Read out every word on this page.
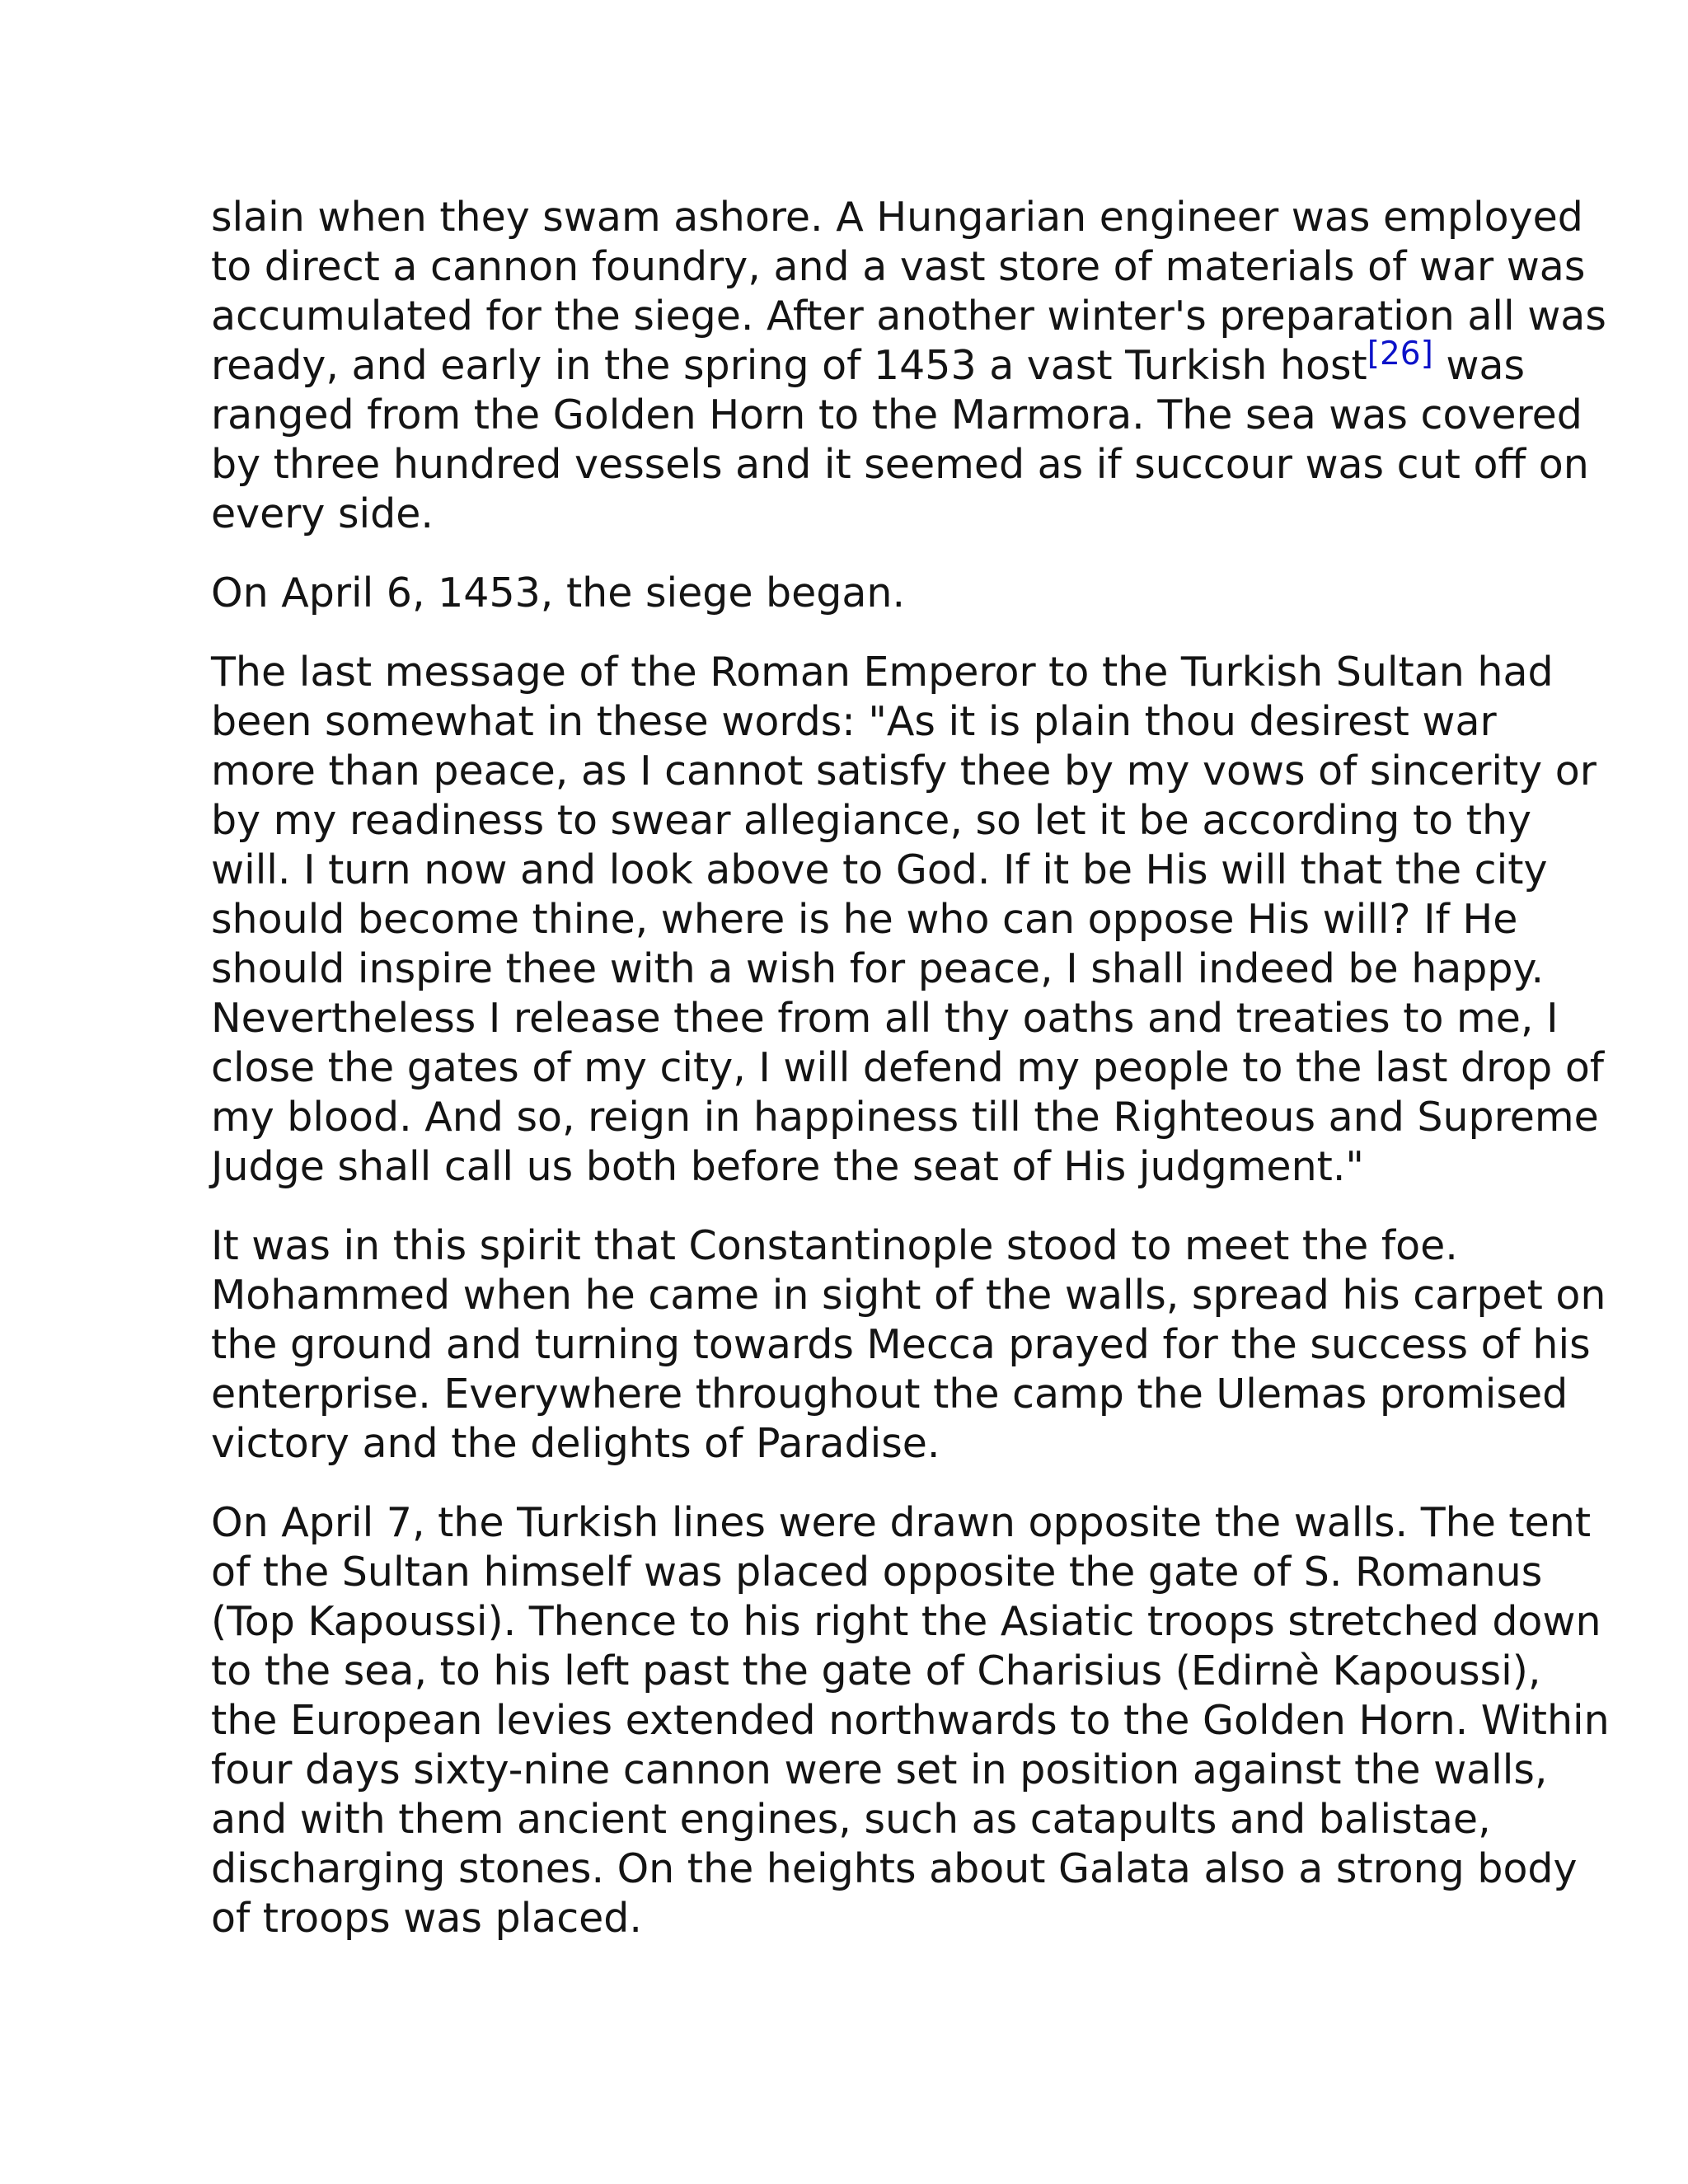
slain when they swam ashore. A Hungarian engineer was employed
to direct a cannon foundry, and a vast store of materials of war was
accumulated for the siege. After another winter's preparation all was
ready, and early in the spring of 1453 a vast Turkish host[26] was
ranged from the Golden Horn to the Marmora. The sea was covered
by three hundred vessels and it seemed as if succour was cut off on
every side.
On April 6, 1453, the siege began.
The last message of the Roman Emperor to the Turkish Sultan had
been somewhat in these words: "As it is plain thou desirest war
more than peace, as I cannot satisfy thee by my vows of sincerity or
by my readiness to swear allegiance, so let it be according to thy
will. I turn now and look above to God. If it be His will that the city
should become thine, where is he who can oppose His will? If He
should inspire thee with a wish for peace, I shall indeed be happy.
Nevertheless I release thee from all thy oaths and treaties to me, I
close the gates of my city, I will defend my people to the last drop of
my blood. And so, reign in happiness till the Righteous and Supreme
Judge shall call us both before the seat of His judgment."
It was in this spirit that Constantinople stood to meet the foe.
Mohammed when he came in sight of the walls, spread his carpet on
the ground and turning towards Mecca prayed for the success of his
enterprise. Everywhere throughout the camp the Ulemas promised
victory and the delights of Paradise.
On April 7, the Turkish lines were drawn opposite the walls. The tent
of the Sultan himself was placed opposite the gate of S. Romanus
(Top Kapoussi). Thence to his right the Asiatic troops stretched down
to the sea, to his left past the gate of Charisius (Edirnè Kapoussi),
the European levies extended northwards to the Golden Horn. Within
four days sixty-nine cannon were set in position against the walls,
and with them ancient engines, such as catapults and balistae,
discharging stones. On the heights about Galata also a strong body
of troops was placed.
